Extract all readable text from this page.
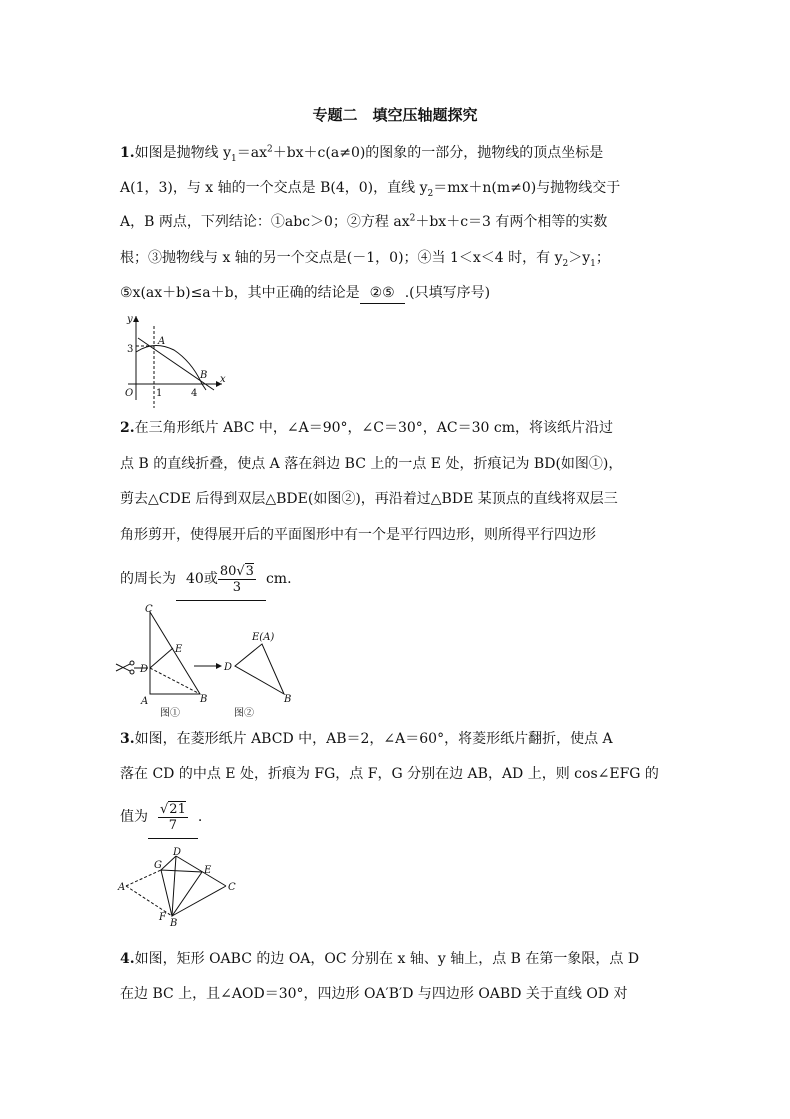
专题二　填空压轴题探究
1.如图是抛物线 $y_1=ax^2+bx+c(a\ne 0)$的图象的一部分，抛物线的顶点坐标是
A(1，3)，与 x 轴的一个交点是 B(4，0)，直线 $y_2=mx+n(m\ne 0)$与抛物线交于
A，B 两点，下列结论：①abc＞0；②方程 $ax^2+bx+c=3$ 有两个相等的实数
根；③抛物线与 x 轴的另一个交点是(－1，0)；④当 1＜x＜4 时，有 $y_2>y_1$；
⑤x(ax＋b)≤a＋b，其中正确的结论是 ②⑤ .(只填写序号)
y
x
3
A
O 1	4
B
2.在三角形纸片 ABC 中，∠A＝90°，∠C＝30°，AC＝30 cm，将该纸片沿过
点 B 的直线折叠，使点 A 落在斜边 BC 上的一点 E 处，折痕记为 BD(如图①)，
剪去△CDE 后得到双层△BDE(如图②)，再沿着过△BDE 某顶点的直线将双层三
角形剪开，使得展开后的平面图形中有一个是平行四边形，则所得平行四边形
的周长为 40或 $\frac{80√3}{3}$ cm.
C
E
D
A	B
图①
E(A)
D
B
图②
3.如图，在菱形纸片 ABCD 中，AB＝2，∠A＝60°，将菱形纸片翻折，使点 A
落在 CD 的中点 E 处，折痕为 FG，点 F，G 分别在边 AB，AD 上，则 cos∠EFG 的
值为 $\frac{√21}{7}$ .
G
D
E
A	C
F
B
4.如图，矩形 OABC 的边 OA，OC 分别在 x 轴、y 轴上，点 B 在第一象限，点 D
在边 BC 上，且∠AOD＝30°，四边形 OA′B′D 与四边形 OABD 关于直线 OD 对
